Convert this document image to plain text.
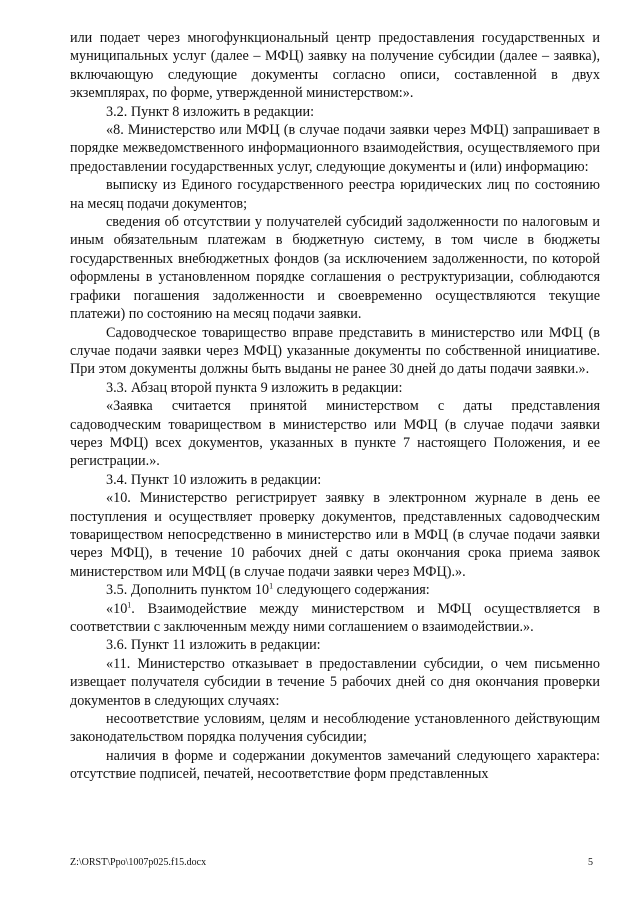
или подает через многофункциональный центр предоставления государственных и муниципальных услуг (далее – МФЦ) заявку на получение субсидии (далее – заявка), включающую следующие документы согласно описи, составленной в двух экземплярах, по форме, утвержденной министерством:».

3.2. Пункт 8 изложить в редакции:

«8. Министерство или МФЦ (в случае подачи заявки через МФЦ) запрашивает в порядке межведомственного информационного взаимодействия, осуществляемого при предоставлении государственных услуг, следующие документы и (или) информацию:

выписку из Единого государственного реестра юридических лиц по состоянию на месяц подачи документов;

сведения об отсутствии у получателей субсидий задолженности по налоговым и иным обязательным платежам в бюджетную систему, в том числе в бюджеты государственных внебюджетных фондов (за исключением задолженности, по которой оформлены в установленном порядке соглашения о реструктуризации, соблюдаются графики погашения задолженности и своевременно осуществляются текущие платежи) по состоянию на месяц подачи заявки.

Садоводческое товарищество вправе представить в министерство или МФЦ (в случае подачи заявки через МФЦ) указанные документы по собственной инициативе. При этом документы должны быть выданы не ранее 30 дней до даты подачи заявки.».

3.3. Абзац второй пункта 9 изложить в редакции:

«Заявка считается принятой министерством с даты представления садоводческим товариществом в министерство или МФЦ (в случае подачи заявки через МФЦ) всех документов, указанных в пункте 7 настоящего Положения, и ее регистрации.».

3.4. Пункт 10 изложить в редакции:

«10. Министерство регистрирует заявку в электронном журнале в день ее поступления и осуществляет проверку документов, представленных садоводческим товариществом непосредственно в министерство или в МФЦ (в случае подачи заявки через МФЦ), в течение 10 рабочих дней с даты окончания срока приема заявок министерством или МФЦ (в случае подачи заявки через МФЦ).».

3.5. Дополнить пунктом $10^1$ следующего содержания:

«$10^1$. Взаимодействие между министерством и МФЦ осуществляется в соответствии с заключенным между ними соглашением о взаимодействии.».

3.6. Пункт 11 изложить в редакции:

«11. Министерство отказывает в предоставлении субсидии, о чем письменно извещает получателя субсидии в течение 5 рабочих дней со дня окончания проверки документов в следующих случаях:

несоответствие условиям, целям и несоблюдение установленного действующим законодательством порядка получения субсидии;

наличия в форме и содержании документов замечаний следующего характера: отсутствие подписей, печатей, несоответствие форм представленных

Z:\ORST\Ppo\1007p025.f15.docx	5
